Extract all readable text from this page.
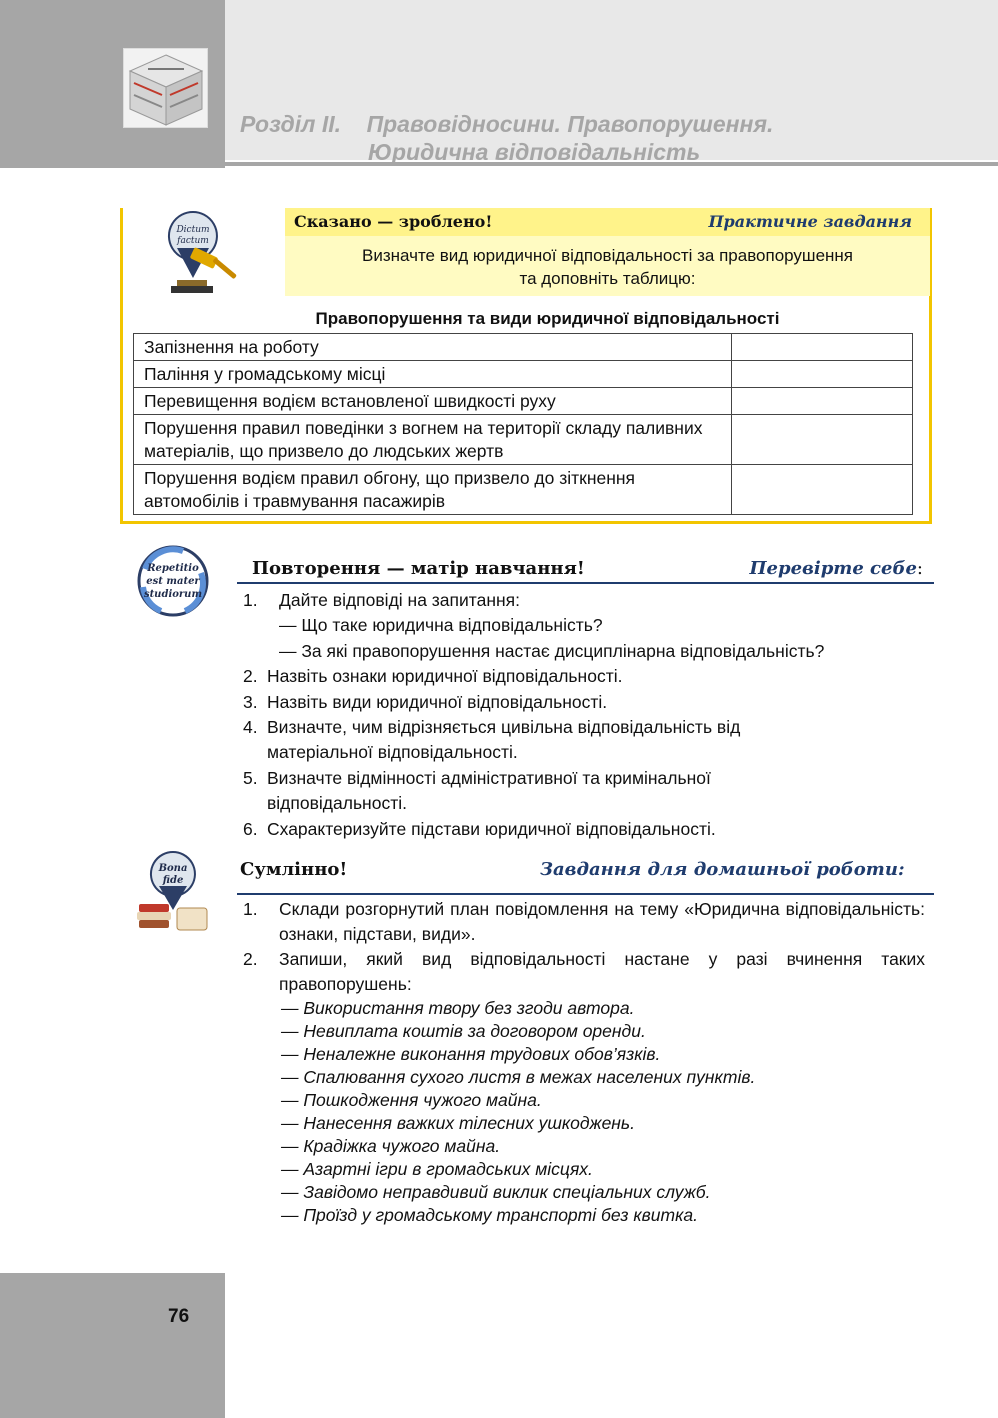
Розділ ІІ. Правовідносини. Правопорушення.
Юридична відповідальність
Dictum
factum
Сказано — зроблено!	Практичне завдання
Визначте вид юридичної відповідальності за правопорушення
та доповніть таблицю:
Правопорушення та види юридичної відповідальності
Запізнення на роботу	
Паління у громадському місці	
Перевищення водієм встановленої швидкості руху	
Порушення правил поведінки з вогнем на території складу паливних матеріалів, що призвело до людських жертв	
Порушення водієм правил обгону, що призвело до зіткнення автомобілів і травмування пасажирів	
Repetitio
est mater
studiorum
Повторення — матір навчання!	Перевірте себе:
1. Дайте відповіді на запитання:
— Що таке юридична відповідальність?
— За які правопорушення настає дисциплінарна відповідальність?
2. Назвіть ознаки юридичної відповідальності.
3. Назвіть види юридичної відповідальності.
4. Визначте, чим відрізняється цивільна відповідальність від матеріальної відповідальності.
5. Визначте відмінності адміністративної та кримінальної відповідальності.
6. Схарактеризуйте підстави юридичної відповідальності.
Bona
fide
Сумлінно!	Завдання для домашньої роботи:
1. Склади розгорнутий план повідомлення на тему «Юридична відповідальність: ознаки, підстави, види».
2. Запиши, який вид відповідальності настане у разі вчинення таких правопорушень:
— Використання твору без згоди автора.
— Невиплата коштів за договором оренди.
— Неналежне виконання трудових обов’язків.
— Спалювання сухого листя в межах населених пунктів.
— Пошкодження чужого майна.
— Нанесення важких тілесних ушкоджень.
— Крадіжка чужого майна.
— Азартні ігри в громадських місцях.
— Завідомо неправдивий виклик спеціальних служб.
— Проїзд у громадському транспорті без квитка.
76
